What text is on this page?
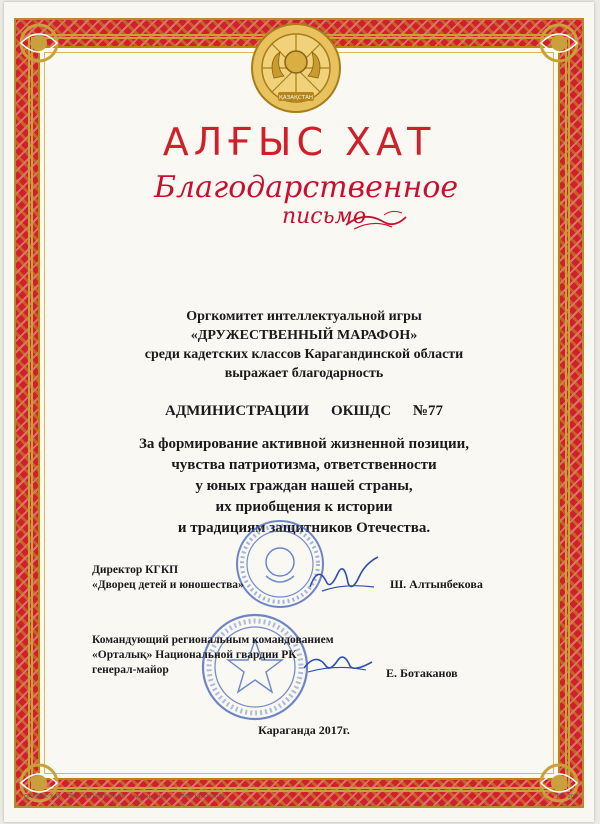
ҚАЗАҚСТАН
АЛҒЫС ХАТ
Благодарственное
письмо
Оргкомитет интеллектуальной игры
«ДРУЖЕСТВЕННЫЙ МАРАФОН»
среди кадетских классов Карагандинской области
выражает благодарность
АДМИНИСТРАЦИИ ОКШДС №77
За формирование активной жизненной позиции,
чувства патриотизма, ответственности
у юных граждан нашей страны,
их приобщения к истории
и традициям защитников Отечества.
Директор КГКП
«Дворец детей и юношества»	Ш. Алтынбекова
Командующий региональным командованием
«Орталық» Национальной гвардии РК
генерал-майор	Е. Ботаканов
Караганда 2017г.
ОАЛҒЫС ХАТ · 284 · 12/17/26 16:16 · www.akcard.kz · 8395 19.01.2017	Т.П. 202
